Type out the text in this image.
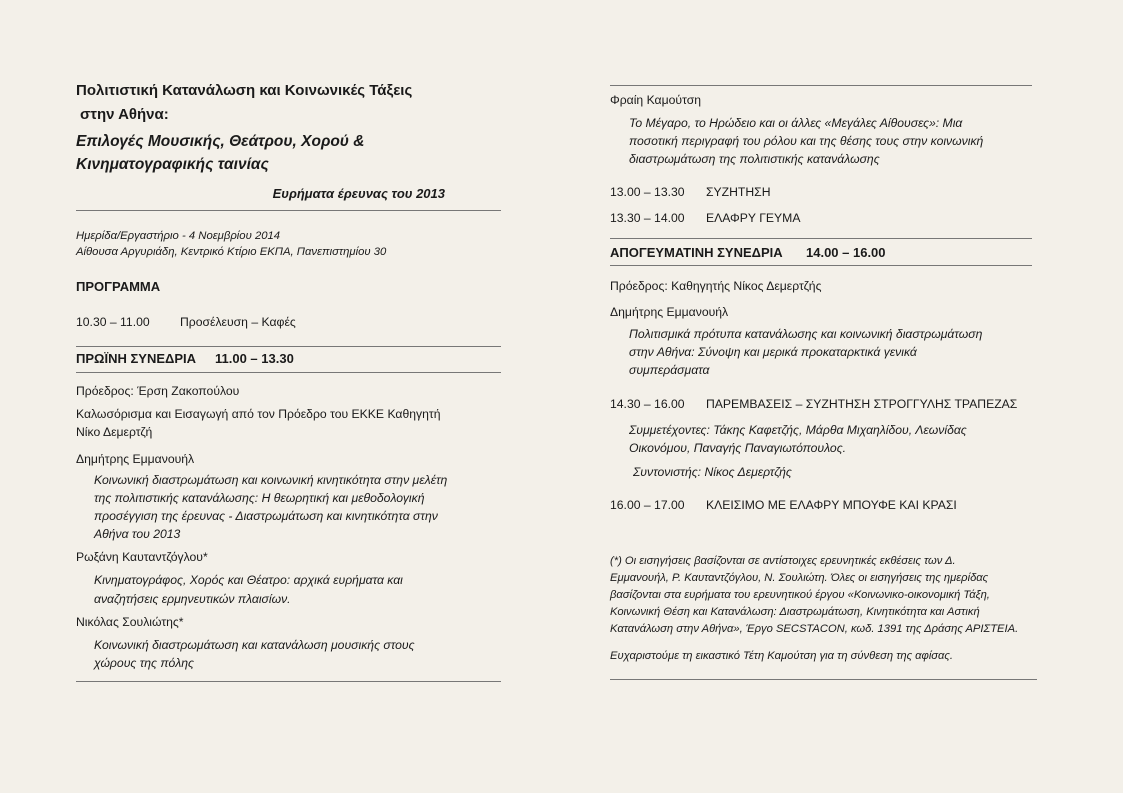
Πολιτιστική Κατανάλωση και Κοινωνικές Τάξεις
στην Αθήνα:
Επιλογές Μουσικής, Θεάτρου, Χορού &
Κινηματογραφικής ταινίας
Ευρήματα έρευνας του 2013
Ημερίδα/Εργαστήριο - 4 Νοεμβρίου 2014
Αίθουσα Αργυριάδη, Κεντρικό Κτίριο ΕΚΠΑ, Πανεπιστημίου 30
ΠΡΟΓΡΑΜΜΑ
10.30 – 11.00 Προσέλευση – Καφές
ΠΡΩΪΝΗ ΣΥΝΕΔΡΙΑ 11.00 – 13.30
Πρόεδρος: Έρση Ζακοπούλου
Καλωσόρισμα και Εισαγωγή από τον Πρόεδρο του ΕΚΚΕ Καθηγητή
Νίκο Δεμερτζή
Δημήτρης Εμμανουήλ
Κοινωνική διαστρωμάτωση και κοινωνική κινητικότητα στην μελέτη
της πολιτιστικής κατανάλωσης: Η θεωρητική και μεθοδολογική
προσέγγιση της έρευνας - Διαστρωμάτωση και κινητικότητα στην
Αθήνα του 2013
Ρωξάνη Καυταντζόγλου*
Κινηματογράφος, Χορός και Θέατρο: αρχικά ευρήματα και
αναζητήσεις ερμηνευτικών πλαισίων.
Νικόλας Σουλιώτης*
Κοινωνική διαστρωμάτωση και κατανάλωση μουσικής στους
χώρους της πόλης
Φραίη Καμούτση
Το Μέγαρο, το Ηρώδειο και οι άλλες «Μεγάλες Αίθουσες»: Μια
ποσοτική περιγραφή του ρόλου και της θέσης τους στην κοινωνική
διαστρωμάτωση της πολιτιστικής κατανάλωσης
13.00 – 13.30 ΣΥΖΗΤΗΣΗ
13.30 – 14.00 ΕΛΑΦΡΥ ΓΕΥΜΑ
ΑΠΟΓΕΥΜΑΤΙΝΗ ΣΥΝΕΔΡΙΑ 14.00 – 16.00
Πρόεδρος: Καθηγητής Νίκος Δεμερτζής
Δημήτρης Εμμανουήλ
Πολιτισμικά πρότυπα κατανάλωσης και κοινωνική διαστρωμάτωση
στην Αθήνα: Σύνοψη και μερικά προκαταρκτικά γενικά
συμπεράσματα
14.30 – 16.00 ΠΑΡΕΜΒΑΣΕΙΣ – ΣΥΖΗΤΗΣΗ ΣΤΡΟΓΓΥΛΗΣ ΤΡΑΠΕΖΑΣ
Συμμετέχοντες: Τάκης Καφετζής, Μάρθα Μιχαηλίδου, Λεωνίδας
Οικονόμου, Παναγής Παναγιωτόπουλος.
Συντονιστής: Νίκος Δεμερτζής
16.00 – 17.00 ΚΛΕΙΣΙΜΟ ΜΕ ΕΛΑΦΡΥ ΜΠΟΥΦΕ ΚΑΙ ΚΡΑΣΙ
(*) Οι εισηγήσεις βασίζονται σε αντίστοιχες ερευνητικές εκθέσεις των Δ.
Εμμανουήλ, Ρ. Καυταντζόγλου, Ν. Σουλιώτη. Όλες οι εισηγήσεις της ημερίδας
βασίζονται στα ευρήματα του ερευνητικού έργου «Κοινωνικο-οικονομική Τάξη,
Κοινωνική Θέση και Κατανάλωση: Διαστρωμάτωση, Κινητικότητα και Αστική
Κατανάλωση στην Αθήνα», Έργο SECSTACON, κωδ. 1391 της Δράσης ΑΡΙΣΤΕΙΑ.
Ευχαριστούμε τη εικαστικό Τέτη Καμούτση για τη σύνθεση της αφίσας.
